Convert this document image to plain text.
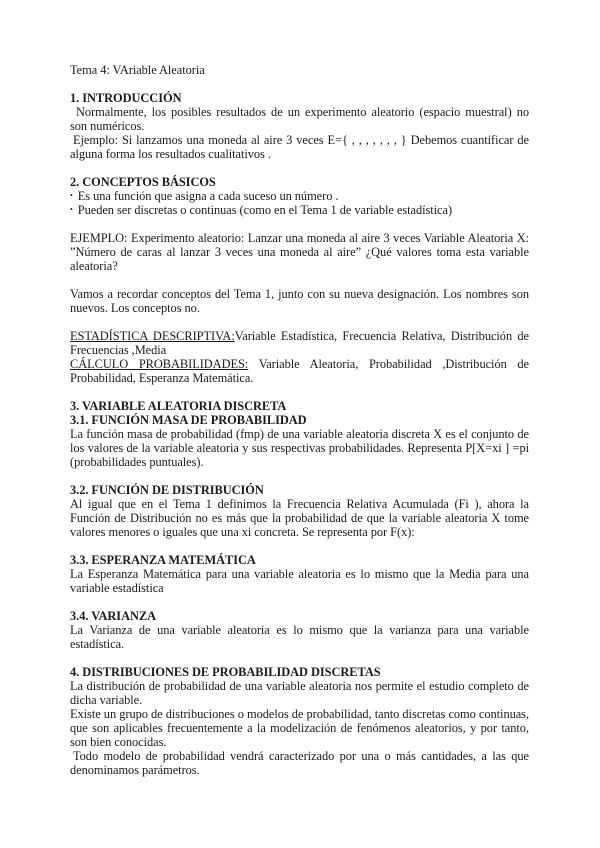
Tema 4: VAriable Aleatoria

1. INTRODUCCIÓN

Normalmente, los posibles resultados de un experimento aleatorio (espacio muestral) no son numéricos.

Ejemplo: Si lanzamos una moneda al aire 3 veces E={ , , , , , , , } Debemos cuantificar de alguna forma los resultados cualitativos .

2. CONCEPTOS BÁSICOS

• Es una función que asigna a cada suceso un número .

• Pueden ser discretas o continuas (como en el Tema 1 de variable estadística)

EJEMPLO: Experimento aleatorio: Lanzar una moneda al aire 3 veces Variable Aleatoria X: ”Número de caras al lanzar 3 veces una moneda al aire” ¿Qué valores toma esta variable aleatoria?

Vamos a recordar conceptos del Tema 1, junto con su nueva designación. Los nombres son nuevos. Los conceptos no.

ESTADÍSTICA DESCRIPTIVA:Variable Estadística, Frecuencia Relativa, Distribución de Frecuencias ,Media

CÁLCULO PROBABILIDADES: Variable Aleatoria, Probabilidad ,Distribución de Probabilidad, Esperanza Matemática.

3. VARIABLE ALEATORIA DISCRETA

3.1. FUNCIÓN MASA DE PROBABILIDAD

La función masa de probabilidad (fmp) de una variable aleatoria discreta X es el conjunto de los valores de la variable aleatoria y sus respectivas probabilidades. Representa P[X=xi ] =pi (probabilidades puntuales).

3.2. FUNCIÓN DE DISTRIBUCIÓN

Al igual que en el Tema 1 definimos la Frecuencia Relativa Acumulada (Fi ), ahora la Función de Distribución no es más que la probabilidad de que la variable aleatoria X tome valores menores o iguales que una xi concreta. Se representa por F(x):

3.3. ESPERANZA MATEMÁTICA

La Esperanza Matemática para una variable aleatoria es lo mismo que la Media para una variable estadística

3.4. VARIANZA

La Varianza de una variable aleatoria es lo mismo que la varianza para una variable estadística.

4. DISTRIBUCIONES DE PROBABILIDAD DISCRETAS

La distribución de probabilidad de una variable aleatoria nos permite el estudio completo de dicha variable.

Existe un grupo de distribuciones o modelos de probabilidad, tanto discretas como continuas, que son aplicables frecuentemente a la modelización de fenómenos aleatorios, y por tanto, son bien conocidas.

Todo modelo de probabilidad vendrá caracterizado por una o más cantidades, a las que denominamos parámetros.
